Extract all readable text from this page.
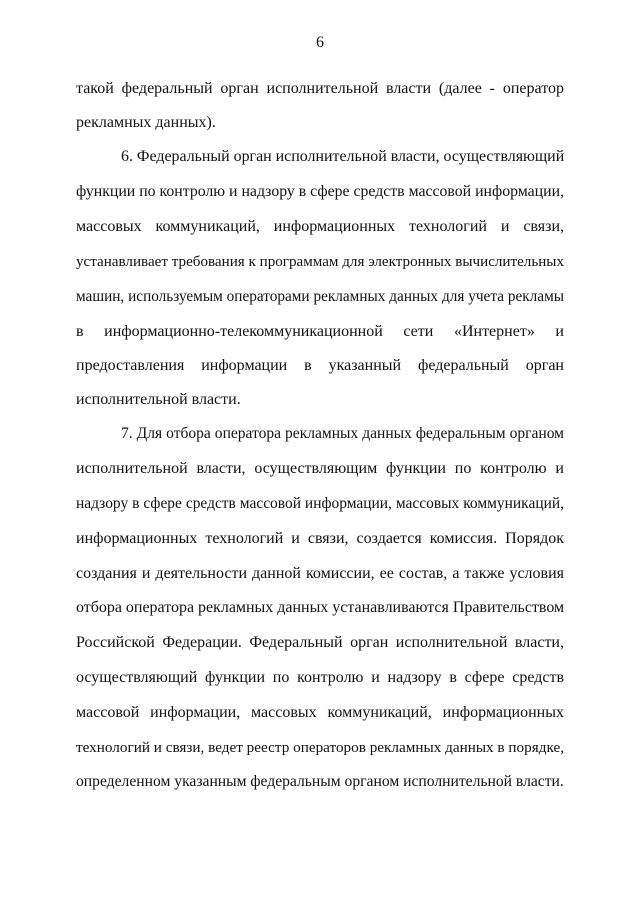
6
такой федеральный орган исполнительной власти (далее - оператор
рекламных данных).
6. Федеральный орган исполнительной власти, осуществляющий
функции по контролю и надзору в сфере средств массовой информации,
массовых коммуникаций, информационных технологий и связи,
устанавливает требования к программам для электронных вычислительных
машин, используемым операторами рекламных данных для учета рекламы
в информационно-телекоммуникационной сети «Интернет» и
предоставления информации в указанный федеральный орган
исполнительной власти.
7. Для отбора оператора рекламных данных федеральным органом
исполнительной власти, осуществляющим функции по контролю и
надзору в сфере средств массовой информации, массовых коммуникаций,
информационных технологий и связи, создается комиссия. Порядок
создания и деятельности данной комиссии, ее состав, а также условия
отбора оператора рекламных данных устанавливаются Правительством
Российской Федерации. Федеральный орган исполнительной власти,
осуществляющий функции по контролю и надзору в сфере средств
массовой информации, массовых коммуникаций, информационных
технологий и связи, ведет реестр операторов рекламных данных в порядке,
определенном указанным федеральным органом исполнительной власти.
